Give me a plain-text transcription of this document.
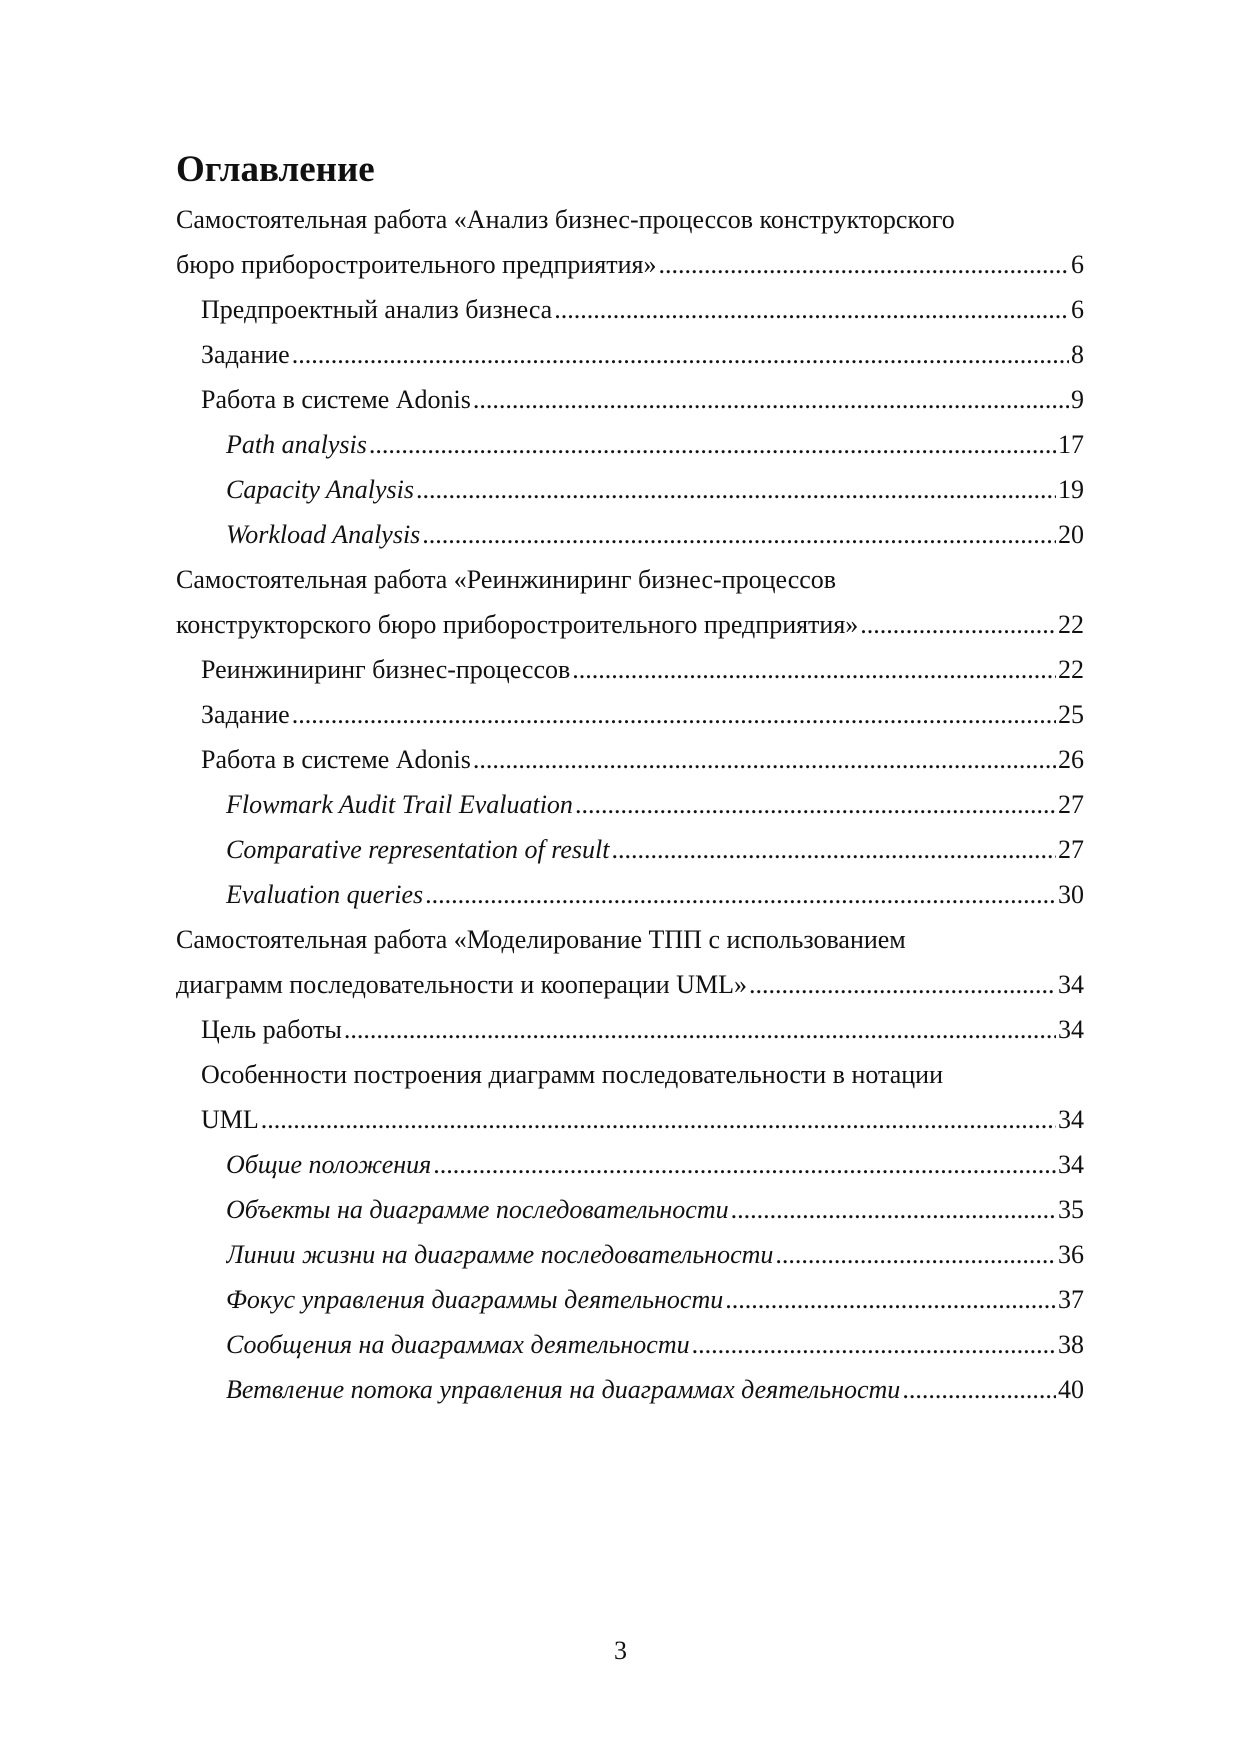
Оглавление
Самостоятельная работа «Анализ бизнес-процессов конструкторского
бюро приборостроительного предприятия» .....	6
Предпроектный анализ бизнеса .....	6
Задание .....	8
Работа в системе Adonis .....	9
Path analysis .....	17
Capacity Analysis .....	19
Workload Analysis .....	20
Самостоятельная работа «Реинжиниринг бизнес-процессов
конструкторского бюро приборостроительного предприятия» .....	22
Реинжиниринг бизнес-процессов .....	22
Задание .....	25
Работа в системе Adonis .....	26
Flowmark Audit Trail Evaluation .....	27
Comparative representation of result .....	27
Evaluation queries .....	30
Самостоятельная работа «Моделирование ТПП с использованием
диаграмм последовательности и кооперации UML» .....	34
Цель работы .....	34
Особенности построения диаграмм последовательности в нотации
UML .....	34
Общие положения .....	34
Объекты на диаграмме последовательности .....	35
Линии жизни на диаграмме последовательности .....	36
Фокус управления диаграммы деятельности .....	37
Сообщения на диаграммах деятельности .....	38
Ветвление потока управления на диаграммах деятельности .....	40
3
